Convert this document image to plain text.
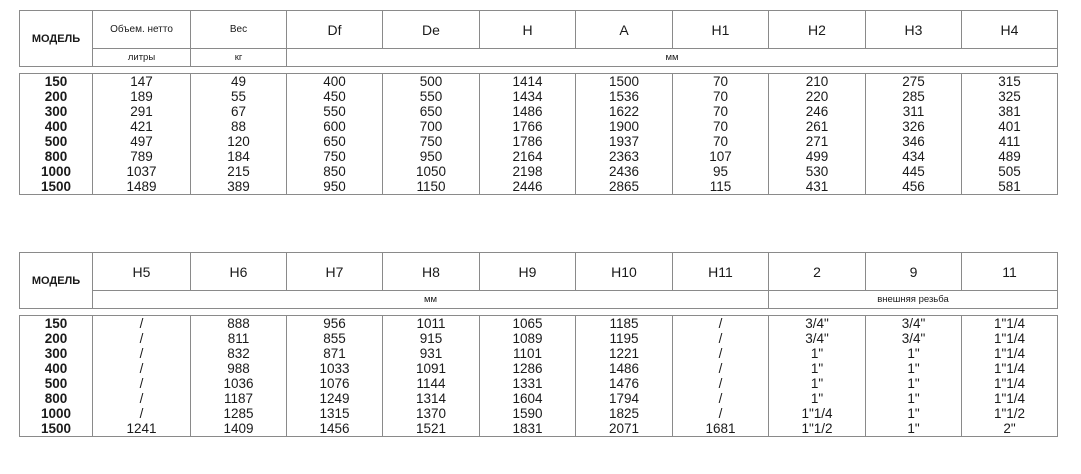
МОДЕЛЬ	Объем. нетто	Вес	Df	De	H	A	H1	H2	H3	H4
	литры	кг	мм							

150	147	49	400	500	1414	1500	70	210	275	315
200	189	55	450	550	1434	1536	70	220	285	325
300	291	67	550	650	1486	1622	70	246	311	381
400	421	88	600	700	1766	1900	70	261	326	401
500	497	120	650	750	1786	1937	70	271	346	411
800	789	184	750	950	2164	2363	107	499	434	489
1000	1037	215	850	1050	2198	2436	95	530	445	505
1500	1489	389	950	1150	2446	2865	115	431	456	581
МОДЕЛЬ	H5	H6	H7	H8	H9	H10	H11	2	9	11
	мм							внешняя резьба		

150	/	888	956	1011	1065	1185	/	3/4"	3/4"	1"1/4
200	/	811	855	915	1089	1195	/	3/4"	3/4"	1"1/4
300	/	832	871	931	1101	1221	/	1"	1"	1"1/4
400	/	988	1033	1091	1286	1486	/	1"	1"	1"1/4
500	/	1036	1076	1144	1331	1476	/	1"	1"	1"1/4
800	/	1187	1249	1314	1604	1794	/	1"	1"	1"1/4
1000	/	1285	1315	1370	1590	1825	/	1"1/4	1"	1"1/2
1500	1241	1409	1456	1521	1831	2071	1681	1"1/2	1"	2"
